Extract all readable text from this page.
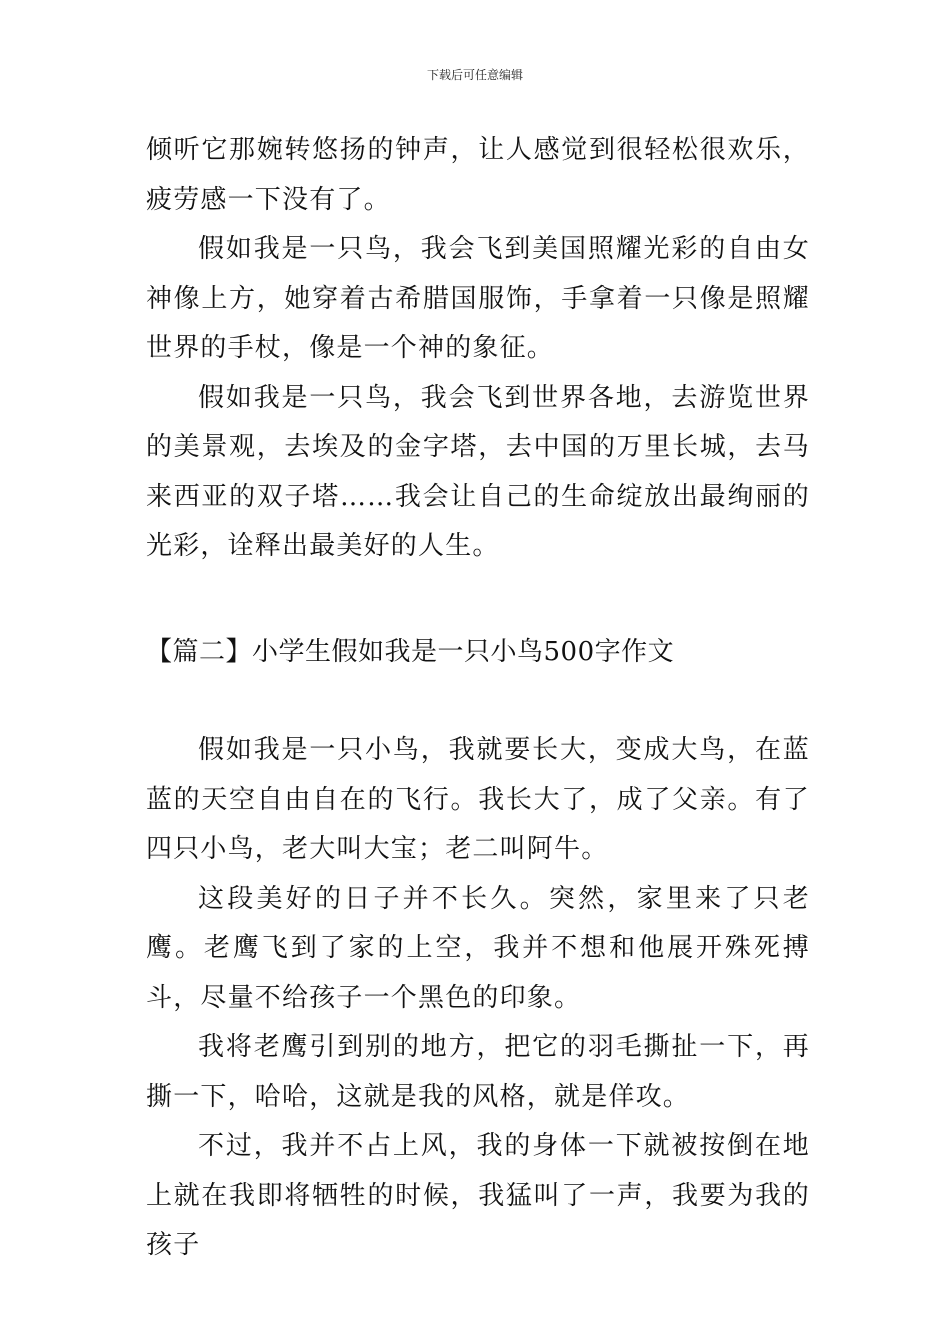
下载后可任意编辑

倾听它那婉转悠扬的钟声，让人感觉到很轻松很欢乐，疲劳感一下没有了。

假如我是一只鸟，我会飞到美国照耀光彩的自由女神像上方，她穿着古希腊国服饰，手拿着一只像是照耀世界的手杖，像是一个神的象征。

假如我是一只鸟，我会飞到世界各地，去游览世界的美景观，去埃及的金字塔，去中国的万里长城，去马来西亚的双子塔……我会让自己的生命绽放出最绚丽的光彩，诠释出最美好的人生。

【篇二】小学生假如我是一只小鸟500字作文

假如我是一只小鸟，我就要长大，变成大鸟，在蓝蓝的天空自由自在的飞行。我长大了，成了父亲。有了四只小鸟，老大叫大宝；老二叫阿牛。

这段美好的日子并不长久。突然，家里来了只老鹰。老鹰飞到了家的上空，我并不想和他展开殊死搏斗，尽量不给孩子一个黑色的印象。

我将老鹰引到别的地方，把它的羽毛撕扯一下，再撕一下，哈哈，这就是我的风格，就是佯攻。

不过，我并不占上风，我的身体一下就被按倒在地上就在我即将牺牲的时候，我猛叫了一声，我要为我的孩子
